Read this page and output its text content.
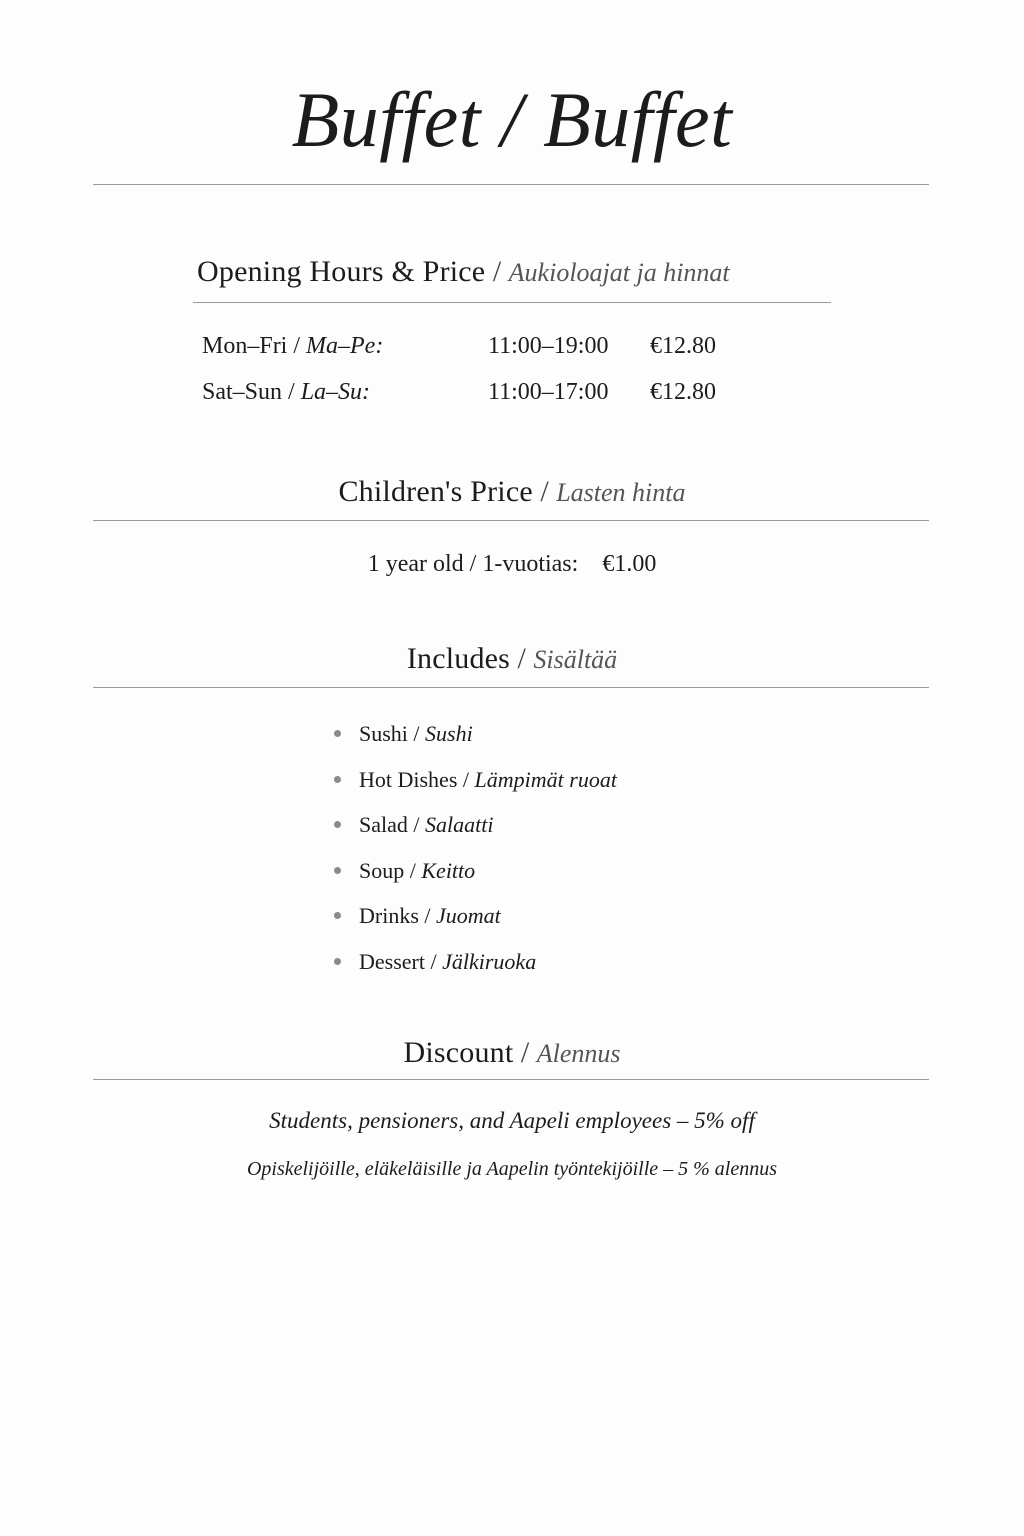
Buffet / Buffet
Opening Hours & Price / Aukioloajat ja hinnat
Mon–Fri / Ma–Pe:	11:00–19:00 €12.80
Sat–Sun / La–Su:	11:00–17:00 €12.80
Children's Price / Lasten hinta
1 year old / 1-vuotias: €1.00
Includes / Sisältää
Sushi / Sushi
Hot Dishes / Lämpimät ruoat
Salad / Salaatti
Soup / Keitto
Drinks / Juomat
Dessert / Jälkiruoka
Discount / Alennus
Students, pensioners, and Aapeli employees – 5% off
Opiskelijöille, eläkeläisille ja Aapelin työntekijöille – 5 % alennus
